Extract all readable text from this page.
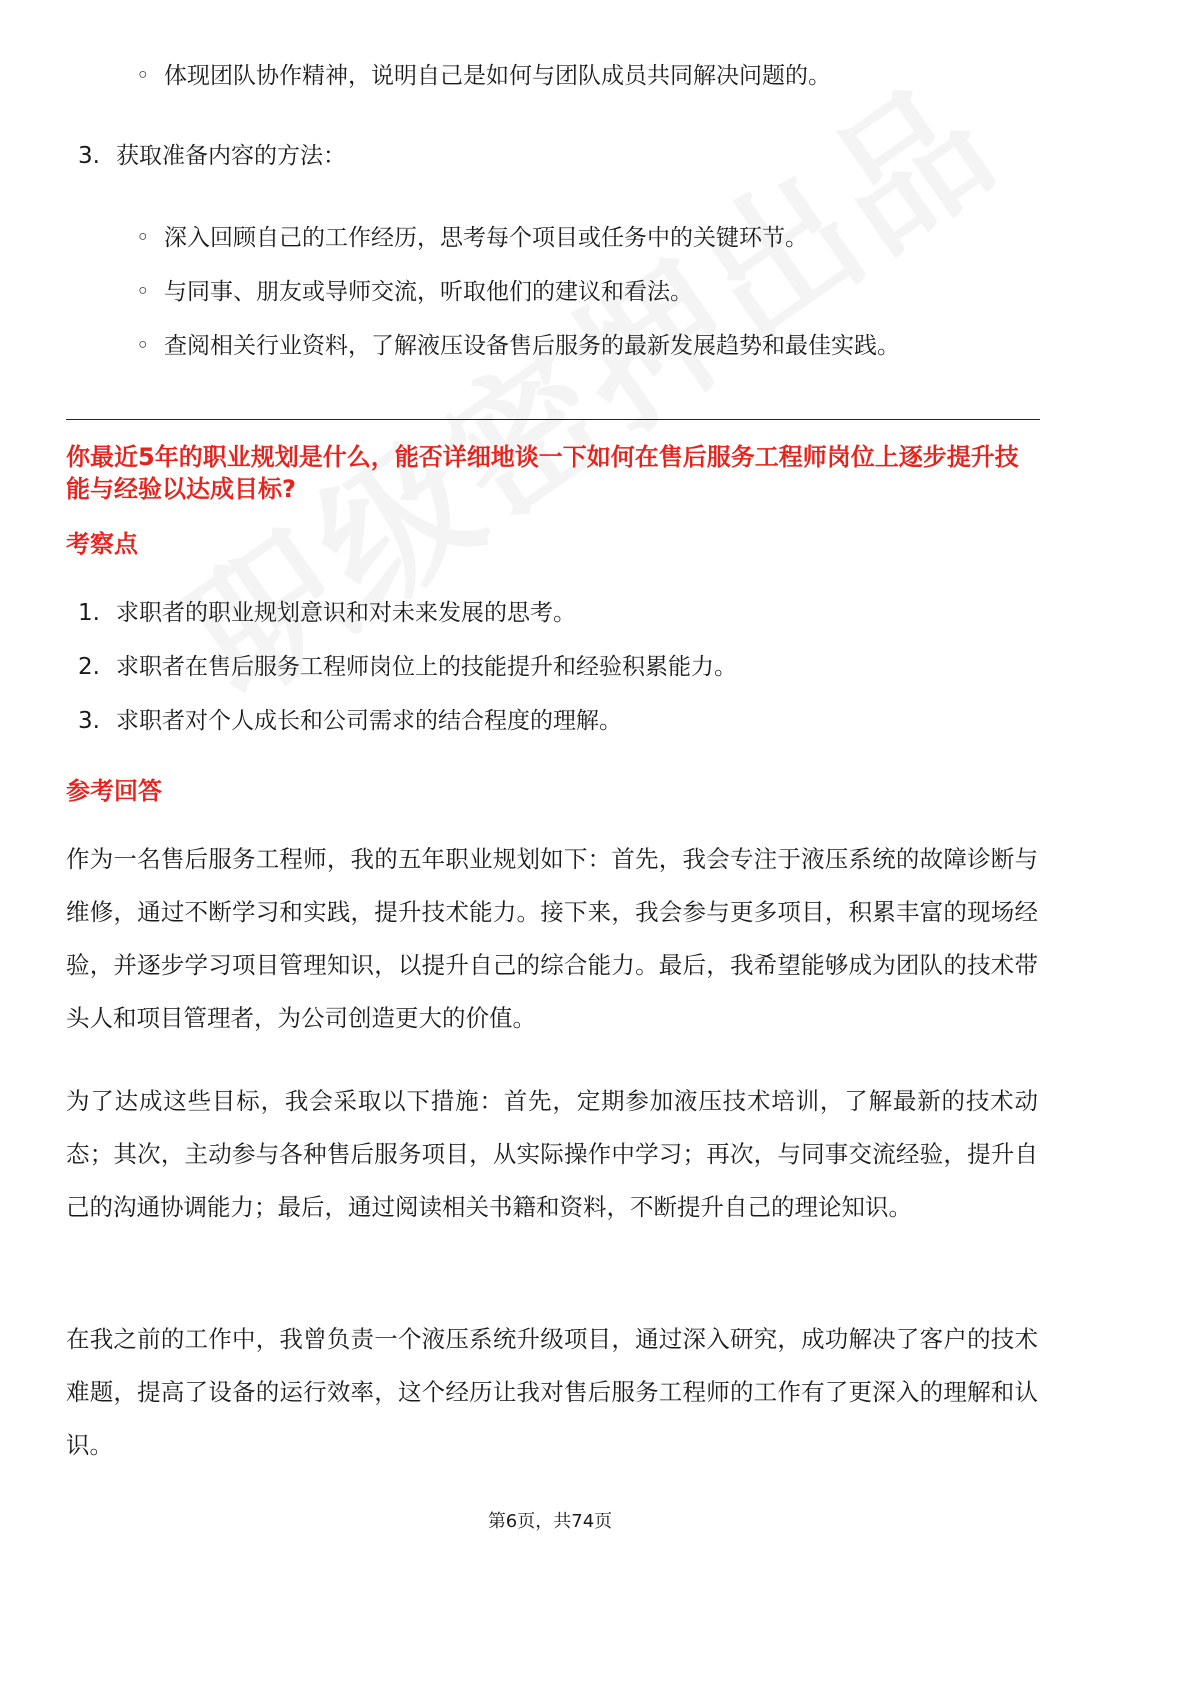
◦ 体现团队协作精神，说明自己是如何与团队成员共同解决问题的。
3. 获取准备内容的方法：
◦ 深入回顾自己的工作经历，思考每个项目或任务中的关键环节。
◦ 与同事、朋友或导师交流，听取他们的建议和看法。
◦ 查阅相关行业资料，了解液压设备售后服务的最新发展趋势和最佳实践。
你最近5年的职业规划是什么，能否详细地谈一下如何在售后服务工程师岗位上逐步提升技能与经验以达成目标?
考察点
1. 求职者的职业规划意识和对未来发展的思考。
2. 求职者在售后服务工程师岗位上的技能提升和经验积累能力。
3. 求职者对个人成长和公司需求的结合程度的理解。
参考回答

作为一名售后服务工程师，我的五年职业规划如下：首先，我会专注于液压系统的故障诊断与维修，通过不断学习和实践，提升技术能力。接下来，我会参与更多项目，积累丰富的现场经验，并逐步学习项目管理知识，以提升自己的综合能力。最后，我希望能够成为团队的技术带头人和项目管理者，为公司创造更大的价值。

为了达成这些目标，我会采取以下措施：首先，定期参加液压技术培训，了解最新的技术动态；其次，主动参与各种售后服务项目，从实际操作中学习；再次，与同事交流经验，提升自己的沟通协调能力；最后，通过阅读相关书籍和资料，不断提升自己的理论知识。

在我之前的工作中，我曾负责一个液压系统升级项目，通过深入研究，成功解决了客户的技术难题，提高了设备的运行效率，这个经历让我对售后服务工程师的工作有了更深入的理解和认识。

第6页，共74页
